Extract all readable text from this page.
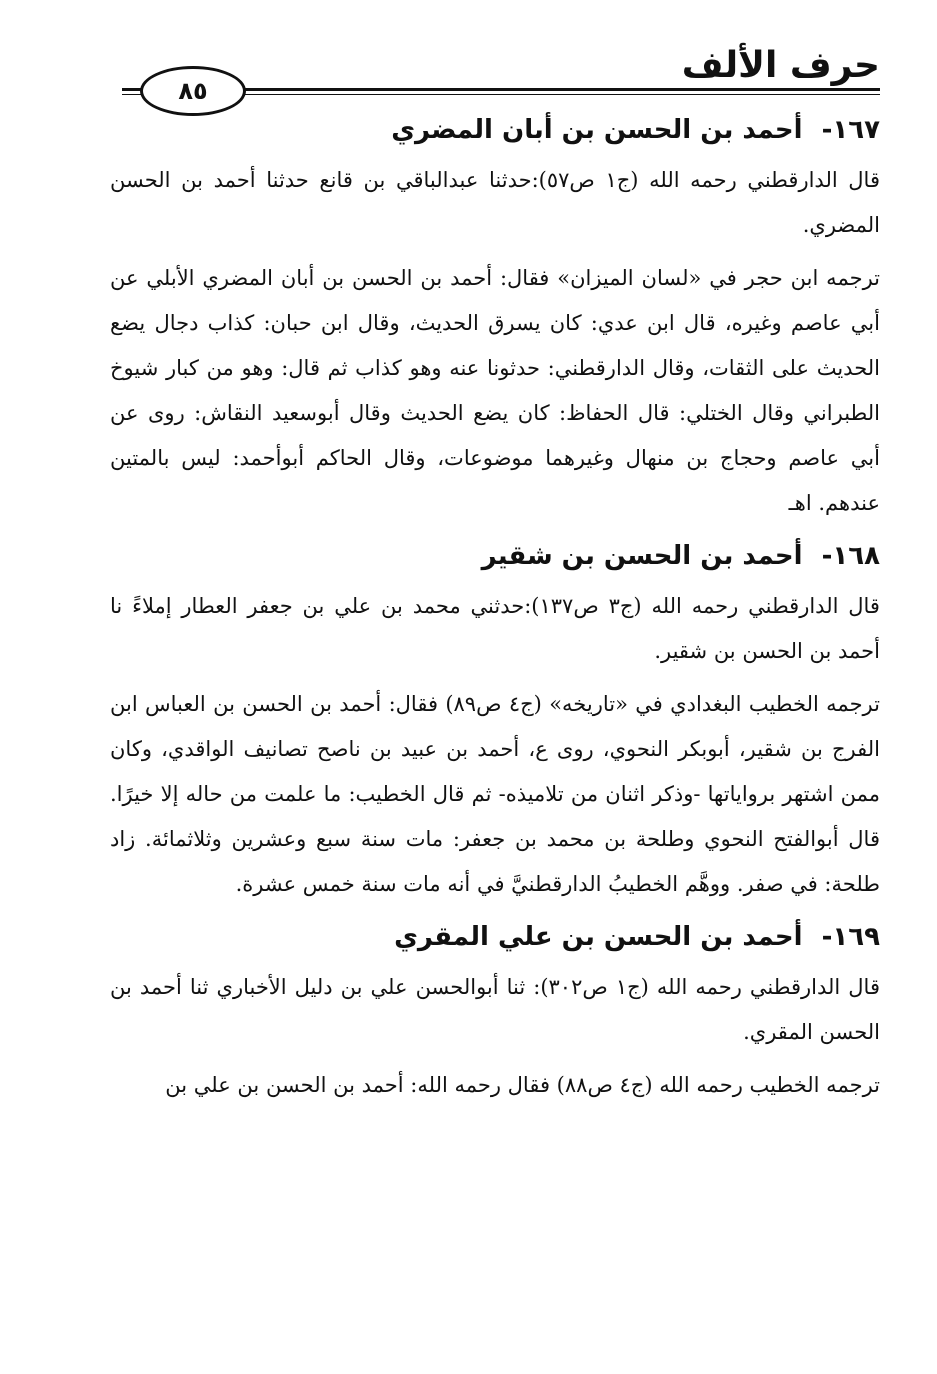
حرف الألف
٨٥
١٦٧- أحمد بن الحسن بن أبان المضري

قال الدارقطني رحمه الله (ج١ ص٥٧):حدثنا عبدالباقي بن قانع حدثنا أحمد بن الحسن المضري.

ترجمه ابن حجر في «لسان الميزان» فقال: أحمد بن الحسن بن أبان المضري الأبلي عن أبي عاصم وغيره، قال ابن عدي: كان يسرق الحديث، وقال ابن حبان: كذاب دجال يضع الحديث على الثقات، وقال الدارقطني: حدثونا عنه وهو كذاب ثم قال: وهو من كبار شيوخ الطبراني وقال الختلي: قال الحفاظ: كان يضع الحديث وقال أبوسعيد النقاش: روى عن أبي عاصم وحجاج بن منهال وغيرهما موضوعات، وقال الحاكم أبوأحمد: ليس بالمتين عندهم. اهـ

١٦٨- أحمد بن الحسن بن شقير

قال الدارقطني رحمه الله (ج٣ ص١٣٧):حدثني محمد بن علي بن جعفر العطار إملاءً نا أحمد بن الحسن بن شقير.

ترجمه الخطيب البغدادي في «تاريخه» (ج٤ ص٨٩) فقال: أحمد بن الحسن بن العباس ابن الفرج بن شقير، أبوبكر النحوي، روى ع، أحمد بن عبيد بن ناصح تصانيف الواقدي، وكان ممن اشتهر برواياتها -وذكر اثنان من تلاميذه- ثم قال الخطيب: ما علمت من حاله إلا خيرًا. قال أبوالفتح النحوي وطلحة بن محمد بن جعفر: مات سنة سبع وعشرين وثلاثمائة. زاد طلحة: في صفر. ووهَّم الخطيبُ الدارقطنيَّ في أنه مات سنة خمس عشرة.

١٦٩- أحمد بن الحسن بن علي المقري

قال الدارقطني رحمه الله (ج١ ص٣٠٢): ثنا أبوالحسن علي بن دليل الأخباري ثنا أحمد بن الحسن المقري.

ترجمه الخطيب رحمه الله (ج٤ ص٨٨) فقال رحمه الله: أحمد بن الحسن بن علي بن
